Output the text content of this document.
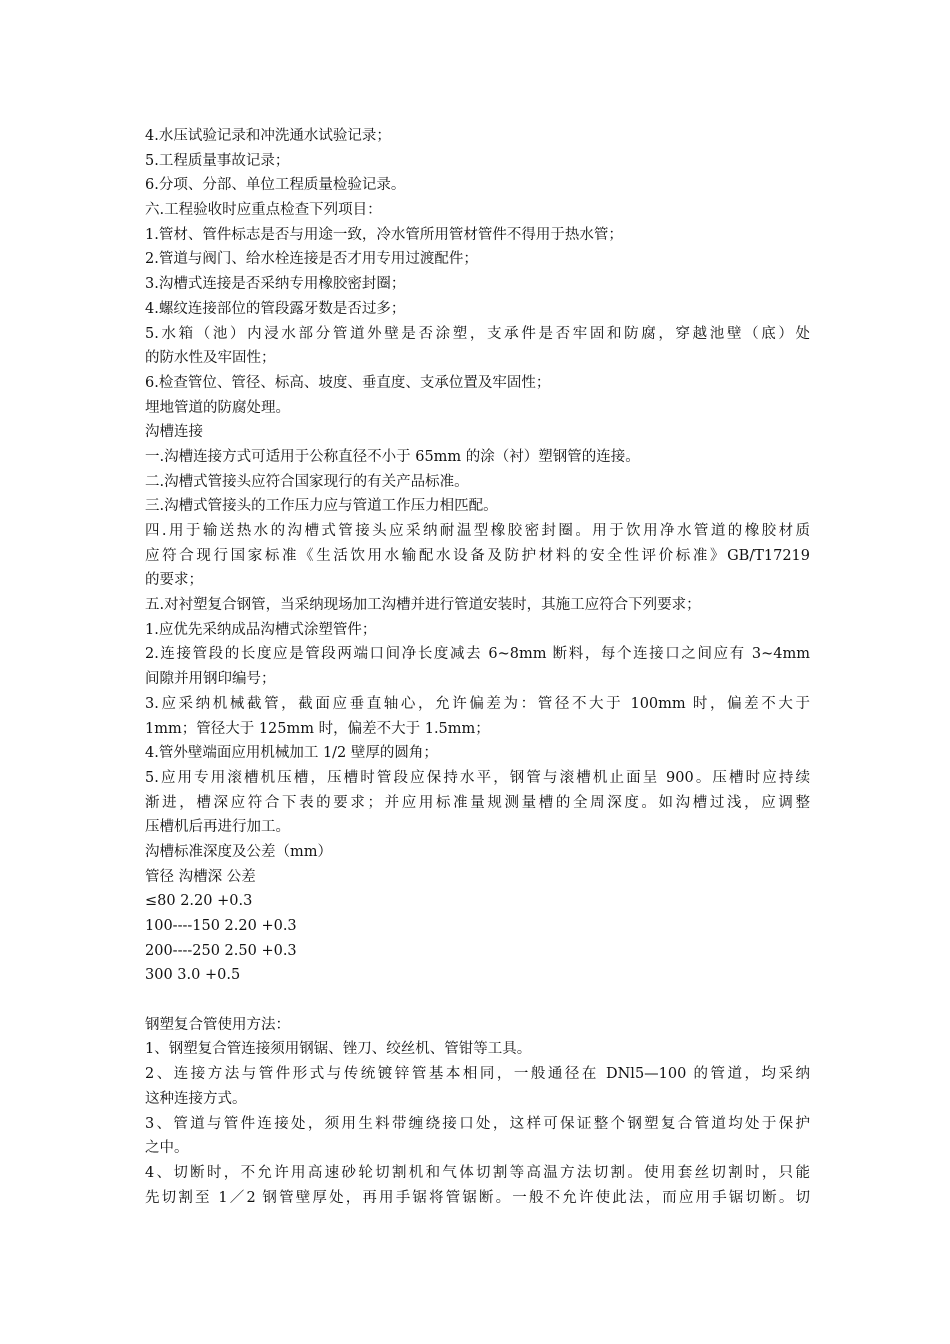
4.水压试验记录和冲洗通水试验记录；
5.工程质量事故记录；
6.分项、分部、单位工程质量检验记录。
六.工程验收时应重点检查下列项目：
1.管材、管件标志是否与用途一致，冷水管所用管材管件不得用于热水管；
2.管道与阀门、给水栓连接是否才用专用过渡配件；
3.沟槽式连接是否采纳专用橡胶密封圈；
4.螺纹连接部位的管段露牙数是否过多；
5.水箱（池）内浸水部分管道外壁是否涂塑，支承件是否牢固和防腐，穿越池壁（底）处
的防水性及牢固性；
6.检查管位、管径、标高、坡度、垂直度、支承位置及牢固性；
埋地管道的防腐处理。
沟槽连接
一.沟槽连接方式可适用于公称直径不小于 65mm 的涂（衬）塑钢管的连接。
二.沟槽式管接头应符合国家现行的有关产品标准。
三.沟槽式管接头的工作压力应与管道工作压力相匹配。
四.用于输送热水的沟槽式管接头应采纳耐温型橡胶密封圈。用于饮用净水管道的橡胶材质
应符合现行国家标准《生活饮用水输配水设备及防护材料的安全性评价标准》GB/T17219
的要求；
五.对衬塑复合钢管，当采纳现场加工沟槽并进行管道安装时，其施工应符合下列要求；
1.应优先采纳成品沟槽式涂塑管件；
2.连接管段的长度应是管段两端口间净长度减去 6~8mm 断料，每个连接口之间应有 3~4mm
间隙并用钢印编号；
3.应采纳机械截管，截面应垂直轴心，允许偏差为：管径不大于 100mm 时，偏差不大于
1mm；管径大于 125mm 时，偏差不大于 1.5mm；
4.管外壁端面应用机械加工 1/2 壁厚的圆角；
5.应用专用滚槽机压槽，压槽时管段应保持水平，钢管与滚槽机止面呈 900。压槽时应持续
渐进，槽深应符合下表的要求；并应用标准量规测量槽的全周深度。如沟槽过浅，应调整
压槽机后再进行加工。
沟槽标准深度及公差（mm）
管径 沟槽深 公差
≤80 2.20 +0.3
100----150 2.20 +0.3
200----250 2.50 +0.3
300 3.0 +0.5
钢塑复合管使用方法：
1、钢塑复合管连接须用钢锯、锉刀、绞丝机、管钳等工具。
2、连接方法与管件形式与传统镀锌管基本相同，一般通径在 DNl5—100 的管道，均采纳
这种连接方式。
3、管道与管件连接处，须用生料带缠绕接口处，这样可保证整个钢塑复合管道均处于保护
之中。
4、切断时，不允许用高速砂轮切割机和气体切割等高温方法切割。使用套丝切割时，只能
先切割至 1／2 钢管壁厚处，再用手锯将管锯断。一般不允许使此法，而应用手锯切断。切
